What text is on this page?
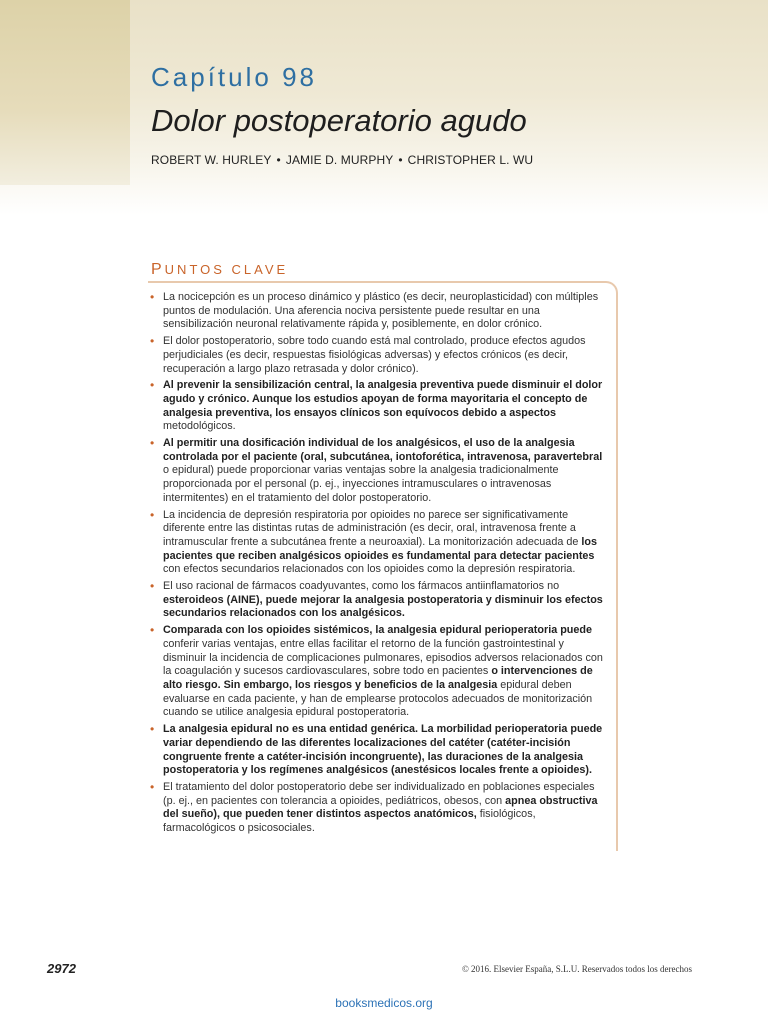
Capítulo 98
Dolor postoperatorio agudo
ROBERT W. HURLEY • JAMIE D. MURPHY • CHRISTOPHER L. WU
PUNTOS CLAVE
• La nocicepción es un proceso dinámico y plástico (es decir, neuroplasticidad) con múltiples puntos de modulación. Una aferencia nociva persistente puede resultar en una sensibilización neuronal relativamente rápida y, posiblemente, en dolor crónico.
• El dolor postoperatorio, sobre todo cuando está mal controlado, produce efectos agudos perjudiciales (es decir, respuestas fisiológicas adversas) y efectos crónicos (es decir, recuperación a largo plazo retrasada y dolor crónico).
• Al prevenir la sensibilización central, la analgesia preventiva puede disminuir el dolor agudo y crónico. Aunque los estudios apoyan de forma mayoritaria el concepto de analgesia preventiva, los ensayos clínicos son equívocos debido a aspectos metodológicos.
• Al permitir una dosificación individual de los analgésicos, el uso de la analgesia controlada por el paciente (oral, subcutánea, iontoforética, intravenosa, paravertebral o epidural) puede proporcionar varias ventajas sobre la analgesia tradicionalmente proporcionada por el personal (p. ej., inyecciones intramusculares o intravenosas intermitentes) en el tratamiento del dolor postoperatorio.
• La incidencia de depresión respiratoria por opioides no parece ser significativamente diferente entre las distintas rutas de administración (es decir, oral, intravenosa frente a intramuscular frente a subcutánea frente a neuroaxial). La monitorización adecuada de los pacientes que reciben analgésicos opioides es fundamental para detectar pacientes con efectos secundarios relacionados con los opioides como la depresión respiratoria.
• El uso racional de fármacos coadyuvantes, como los fármacos antiinflamatorios no esteroideos (AINE), puede mejorar la analgesia postoperatoria y disminuir los efectos secundarios relacionados con los analgésicos.
• Comparada con los opioides sistémicos, la analgesia epidural perioperatoria puede conferir varias ventajas, entre ellas facilitar el retorno de la función gastrointestinal y disminuir la incidencia de complicaciones pulmonares, episodios adversos relacionados con la coagulación y sucesos cardiovasculares, sobre todo en pacientes o intervenciones de alto riesgo. Sin embargo, los riesgos y beneficios de la analgesia epidural deben evaluarse en cada paciente, y han de emplearse protocolos adecuados de monitorización cuando se utilice analgesia epidural postoperatoria.
• La analgesia epidural no es una entidad genérica. La morbilidad perioperatoria puede variar dependiendo de las diferentes localizaciones del catéter (catéter-incisión congruente frente a catéter-incisión incongruente), las duraciones de la analgesia postoperatoria y los regímenes analgésicos (anestésicos locales frente a opioides).
• El tratamiento del dolor postoperatorio debe ser individualizado en poblaciones especiales (p. ej., en pacientes con tolerancia a opioides, pediátricos, obesos, con apnea obstructiva del sueño), que pueden tener distintos aspectos anatómicos, fisiológicos, farmacológicos o psicosociales.
2972	© 2016. Elsevier España, S.L.U. Reservados todos los derechos
booksmedicos.org
